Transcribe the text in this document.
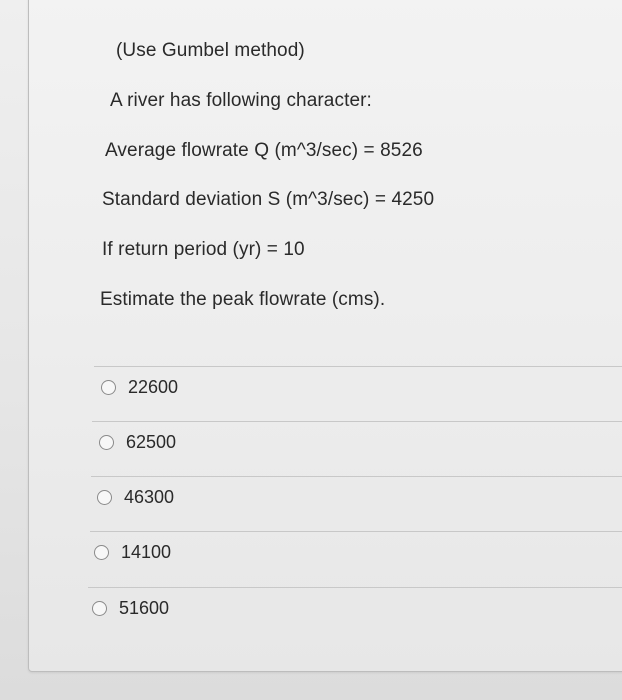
(Use Gumbel method)
A river has following character:
Average flowrate Q (m^3/sec) = 8526
Standard deviation S (m^3/sec) = 4250
If return period (yr) = 10
Estimate the peak flowrate (cms).
22600
62500
46300
14100
51600
